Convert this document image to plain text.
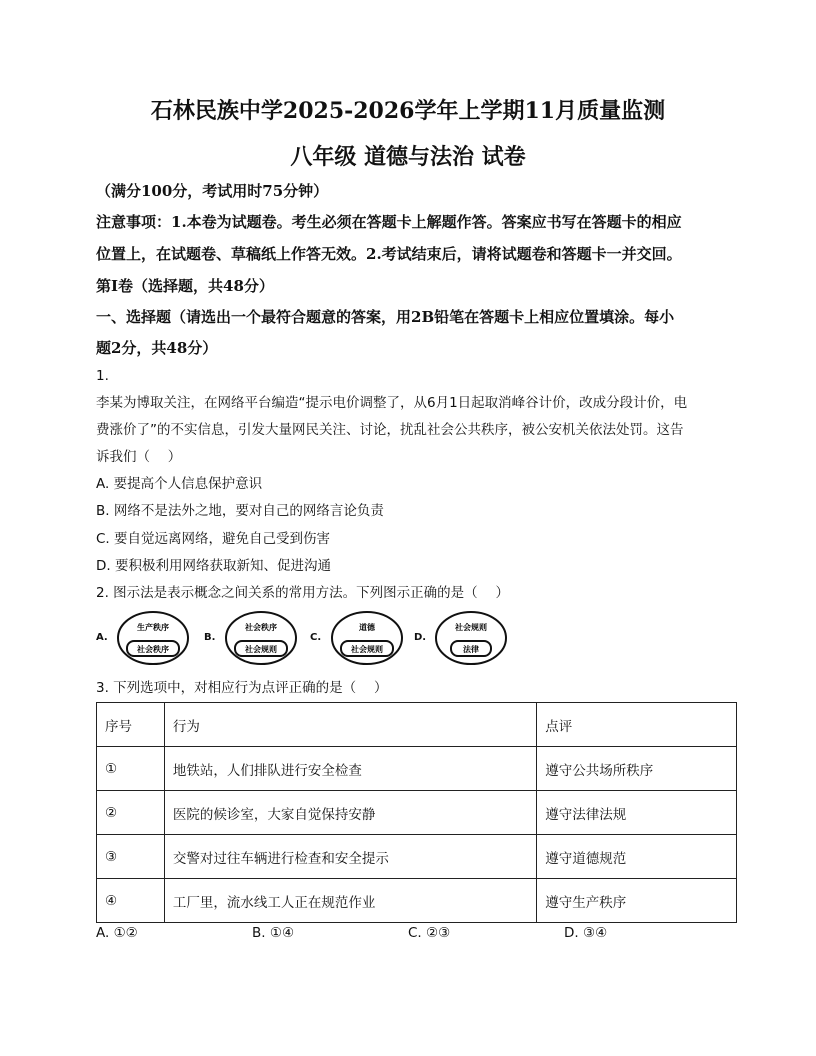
石林民族中学2025-2026学年上学期11月质量监测
八年级 道德与法治 试卷
（满分100分，考试用时75分钟）
注意事项：1.本卷为试题卷。考生必须在答题卡上解题作答。答案应书写在答题卡的相应
位置上，在试题卷、草稿纸上作答无效。2.考试结束后，请将试题卷和答题卡一并交回。
第Ⅰ卷（选择题，共48分）
一、选择题（请选出一个最符合题意的答案，用2B铅笔在答题卡上相应位置填涂。每小
题2分，共48分）
1.
李某为博取关注，在网络平台编造“提示电价调整了，从6月1日起取消峰谷计价，改成分段计价，电
费涨价了”的不实信息，引发大量网民关注、讨论，扰乱社会公共秩序，被公安机关依法处罚。这告
诉我们（　 ）
A. 要提高个人信息保护意识
B. 网络不是法外之地，要对自己的网络言论负责
C. 要自觉远离网络，避免自己受到伤害
D. 要积极利用网络获取新知、促进沟通
2. 图示法是表示概念之间关系的常用方法。下列图示正确的是（　 ）
A.
生产秩序
社会秩序
B.
社会秩序
社会规则
C.
道德
社会规则
D.
社会规则
法律
3. 下列选项中，对相应行为点评正确的是（　 ）
序号	行为	点评
①	地铁站，人们排队进行安全检查	遵守公共场所秩序
②	医院的候诊室，大家自觉保持安静	遵守法律法规
③	交警对过往车辆进行检查和安全提示	遵守道德规范
④	工厂里，流水线工人正在规范作业	遵守生产秩序
A. ①②	B. ①④	C. ②③	D. ③④
